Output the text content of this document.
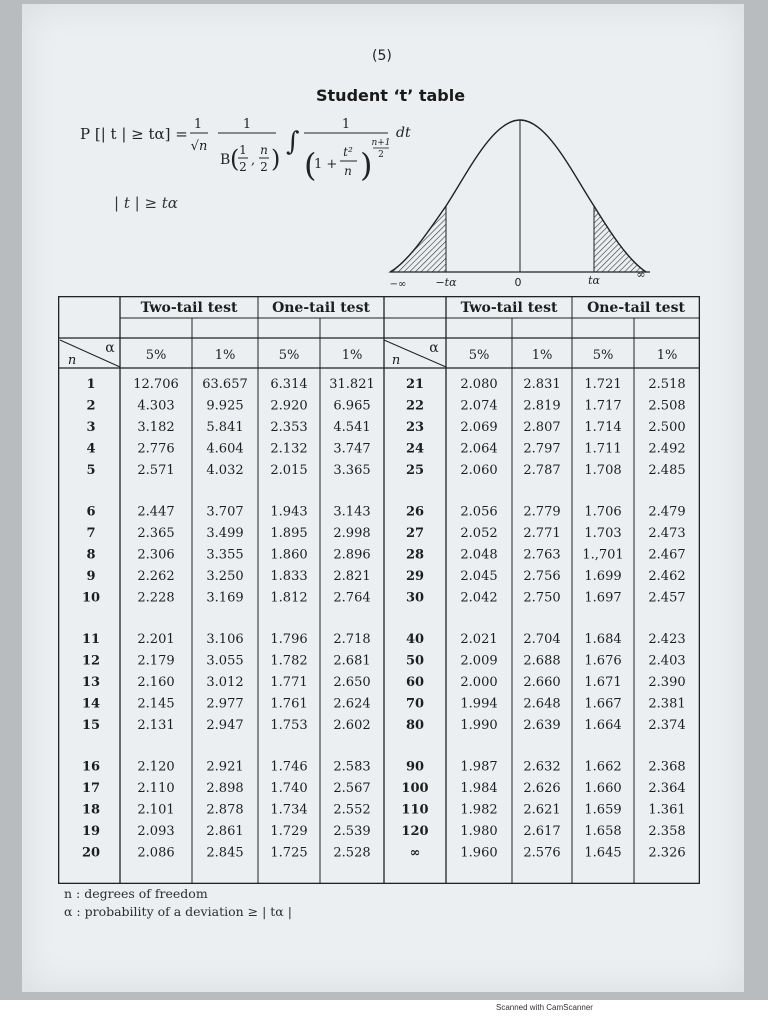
(5)
Student ‘t’ table
P [| t | ≥ tα] =
1
√n
1
B ( 1
2 ,
n
2 )
∫
1
(
1 +
t²
n )
n+1
2
dt
| t | ≥ tα
−∞	−tα	0	tα	∞
Two-tail test One-tail test	Two-tail test One-tail test
α
n
α
n
5%	1%	5%	1%	5%	1%	5%	1%
1	12.706 63.657 6.314 31.821
2	4.303 9.925 2.920 6.965
3	3.182 5.841 2.353 4.541
4	2.776 4.604 2.132 3.747
5	2.571 4.032 2.015 3.365
6	2.447 3.707 1.943 3.143
7	2.365 3.499 1.895 2.998
8	2.306 3.355 1.860 2.896
9	2.262 3.250 1.833 2.821
10	2.228 3.169 1.812 2.764
11	2.201 3.106 1.796 2.718
12	2.179 3.055 1.782 2.681
13	2.160 3.012 1.771 2.650
14	2.145 2.977 1.761 2.624
15	2.131 2.947 1.753 2.602
16	2.120 2.921 1.746 2.583
17	2.110 2.898 1.740 2.567
18	2.101 2.878 1.734 2.552
19	2.093 2.861 1.729 2.539
20	2.086 2.845 1.725 2.528
21	2.080 2.831 1.721 2.518
22	2.074 2.819 1.717 2.508
23	2.069 2.807 1.714 2.500
24	2.064 2.797 1.711 2.492
25	2.060 2.787 1.708 2.485
26	2.056 2.779 1.706 2.479
27	2.052 2.771 1.703 2.473
28	2.048 2.763 1.,701 2.467
29	2.045 2.756 1.699 2.462
30	2.042 2.750 1.697 2.457
40	2.021 2.704 1.684 2.423
50	2.009 2.688 1.676 2.403
60	2.000 2.660 1.671 2.390
70	1.994 2.648 1.667 2.381
80	1.990 2.639 1.664 2.374
90	1.987 2.632 1.662 2.368
100 1.984 2.626 1.660 2.364
110 1.982 2.621 1.659 1.361
120 1.980 2.617 1.658 2.358
∞	1.960 2.576 1.645 2.326
n : degrees of freedom
α : probability of a deviation ≥ | tα |
Scanned with CamScanner
